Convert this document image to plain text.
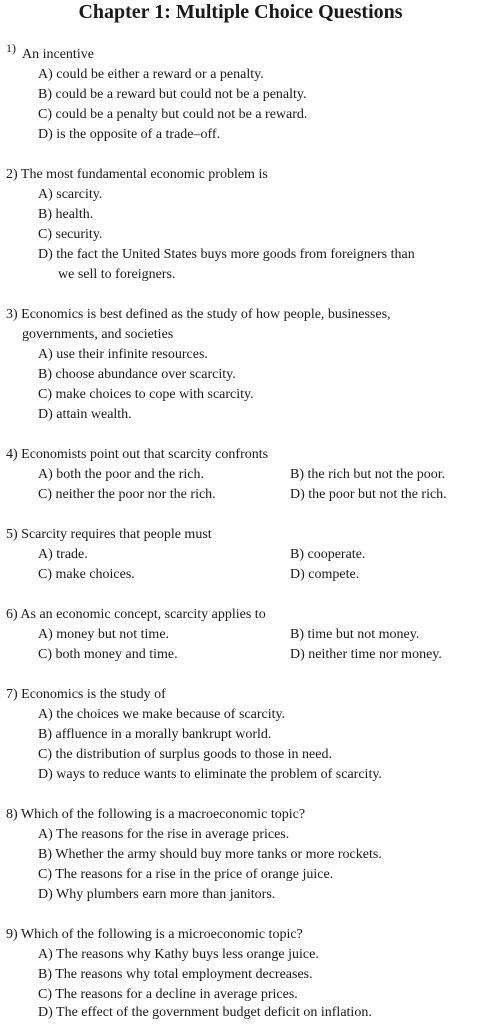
Chapter 1: Multiple Choice Questions
1) An incentive
A) could be either a reward or a penalty.
B) could be a reward but could not be a penalty.
C) could be a penalty but could not be a reward.
D) is the opposite of a trade–off.
2) The most fundamental economic problem is
A) scarcity.
B) health.
C) security.
D) the fact the United States buys more goods from foreigners than
we sell to foreigners.
3) Economics is best defined as the study of how people, businesses,
governments, and societies
A) use their infinite resources.
B) choose abundance over scarcity.
C) make choices to cope with scarcity.
D) attain wealth.
4) Economists point out that scarcity confronts
A) both the poor and the rich.	B) the rich but not the poor.
C) neither the poor nor the rich.	D) the poor but not the rich.
5) Scarcity requires that people must
A) trade.	B) cooperate.
C) make choices.	D) compete.
6) As an economic concept, scarcity applies to
A) money but not time.	B) time but not money.
C) both money and time.	D) neither time nor money.
7) Economics is the study of
A) the choices we make because of scarcity.
B) affluence in a morally bankrupt world.
C) the distribution of surplus goods to those in need.
D) ways to reduce wants to eliminate the problem of scarcity.
8) Which of the following is a macroeconomic topic?
A) The reasons for the rise in average prices.
B) Whether the army should buy more tanks or more rockets.
C) The reasons for a rise in the price of orange juice.
D) Why plumbers earn more than janitors.
9) Which of the following is a microeconomic topic?
A) The reasons why Kathy buys less orange juice.
B) The reasons why total employment decreases.
C) The reasons for a decline in average prices.
D) The effect of the government budget deficit on inflation.
